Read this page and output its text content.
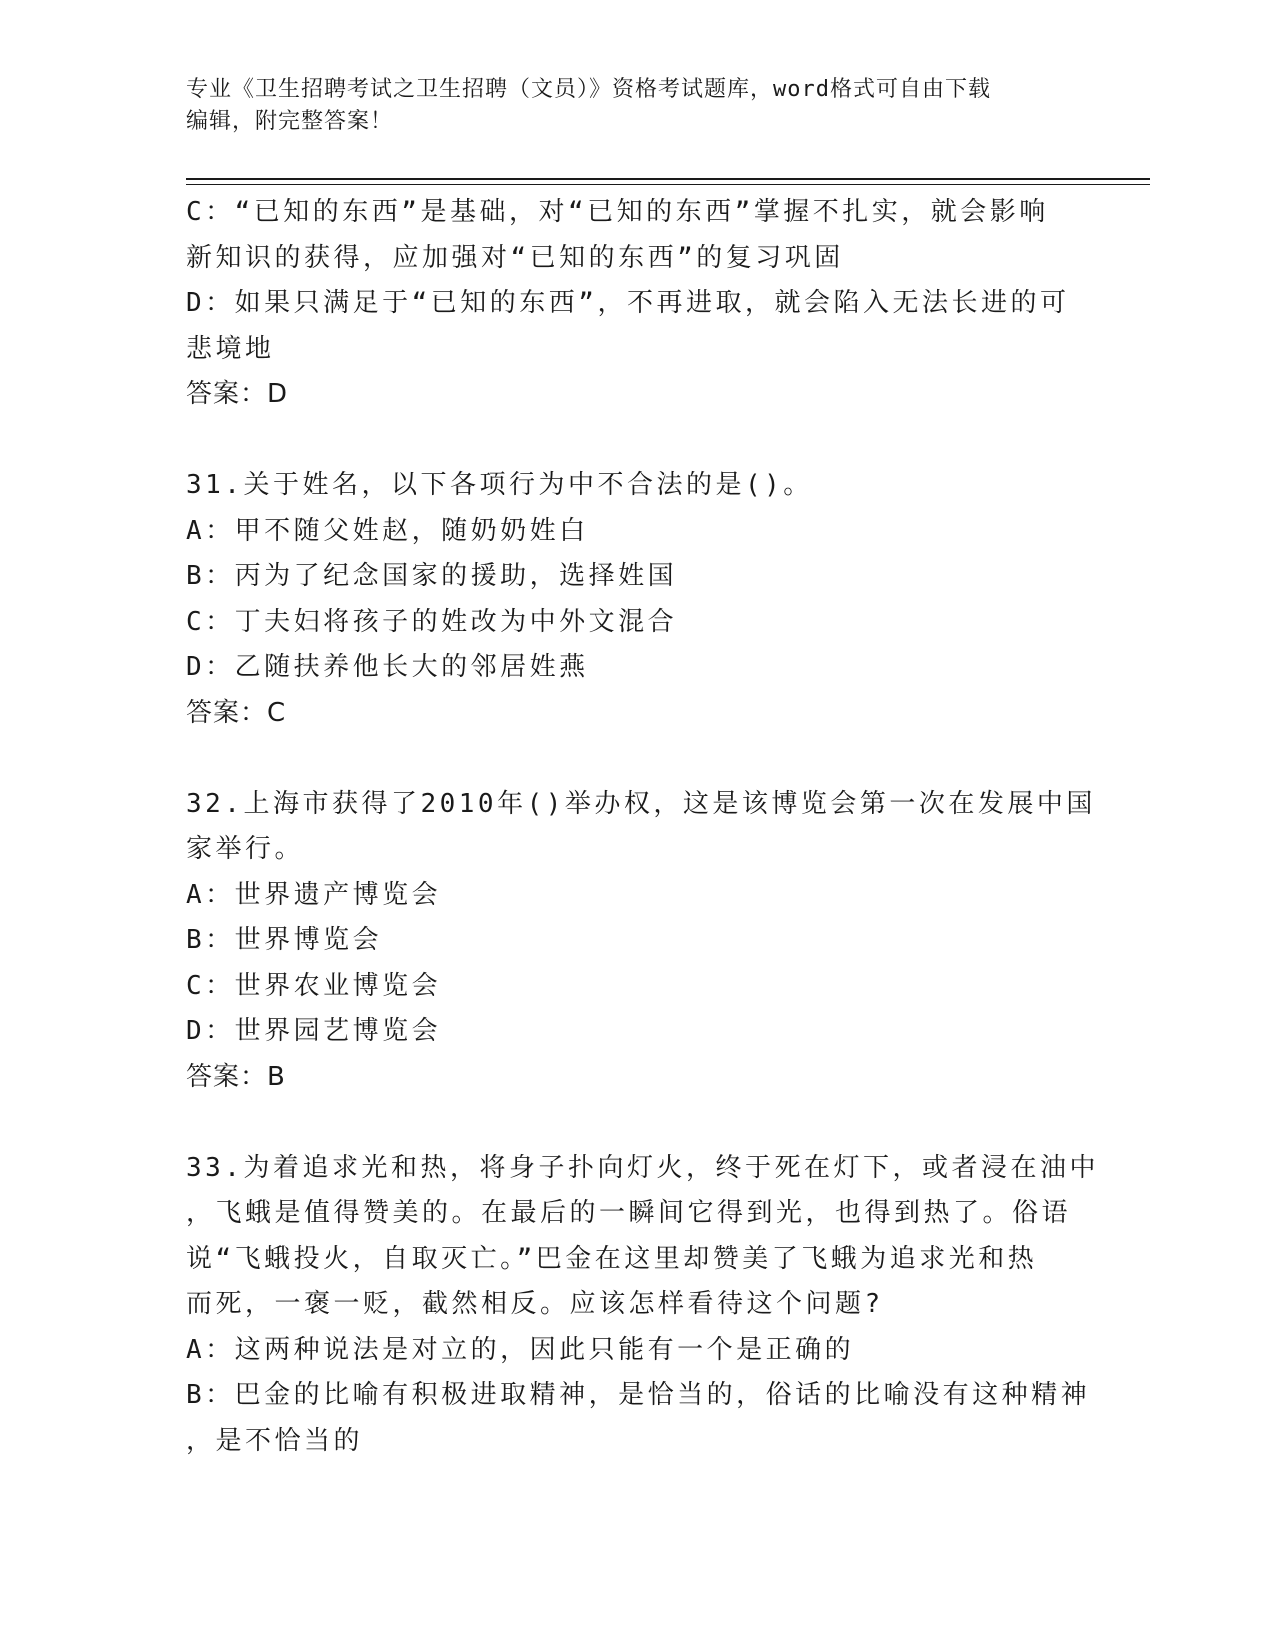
专业《卫生招聘考试之卫生招聘（文员）》资格考试题库，word格式可自由下载
编辑，附完整答案！
C：“已知的东西”是基础，对“已知的东西”掌握不扎实，就会影响
新知识的获得，应加强对“已知的东西”的复习巩固
D：如果只满足于“已知的东西”，不再进取，就会陷入无法长进的可
悲境地
答案：D
31.关于姓名，以下各项行为中不合法的是()。
A：甲不随父姓赵，随奶奶姓白
B：丙为了纪念国家的援助，选择姓国
C：丁夫妇将孩子的姓改为中外文混合
D：乙随扶养他长大的邻居姓燕
答案：C
32.上海市获得了2010年()举办权，这是该博览会第一次在发展中国
家举行。
A：世界遗产博览会
B：世界博览会
C：世界农业博览会
D：世界园艺博览会
答案：B
33.为着追求光和热，将身子扑向灯火，终于死在灯下，或者浸在油中
，飞蛾是值得赞美的。在最后的一瞬间它得到光，也得到热了。俗语
说“飞蛾投火，自取灭亡。”巴金在这里却赞美了飞蛾为追求光和热
而死，一褒一贬，截然相反。应该怎样看待这个问题?
A：这两种说法是对立的，因此只能有一个是正确的
B：巴金的比喻有积极进取精神，是恰当的，俗话的比喻没有这种精神
，是不恰当的
